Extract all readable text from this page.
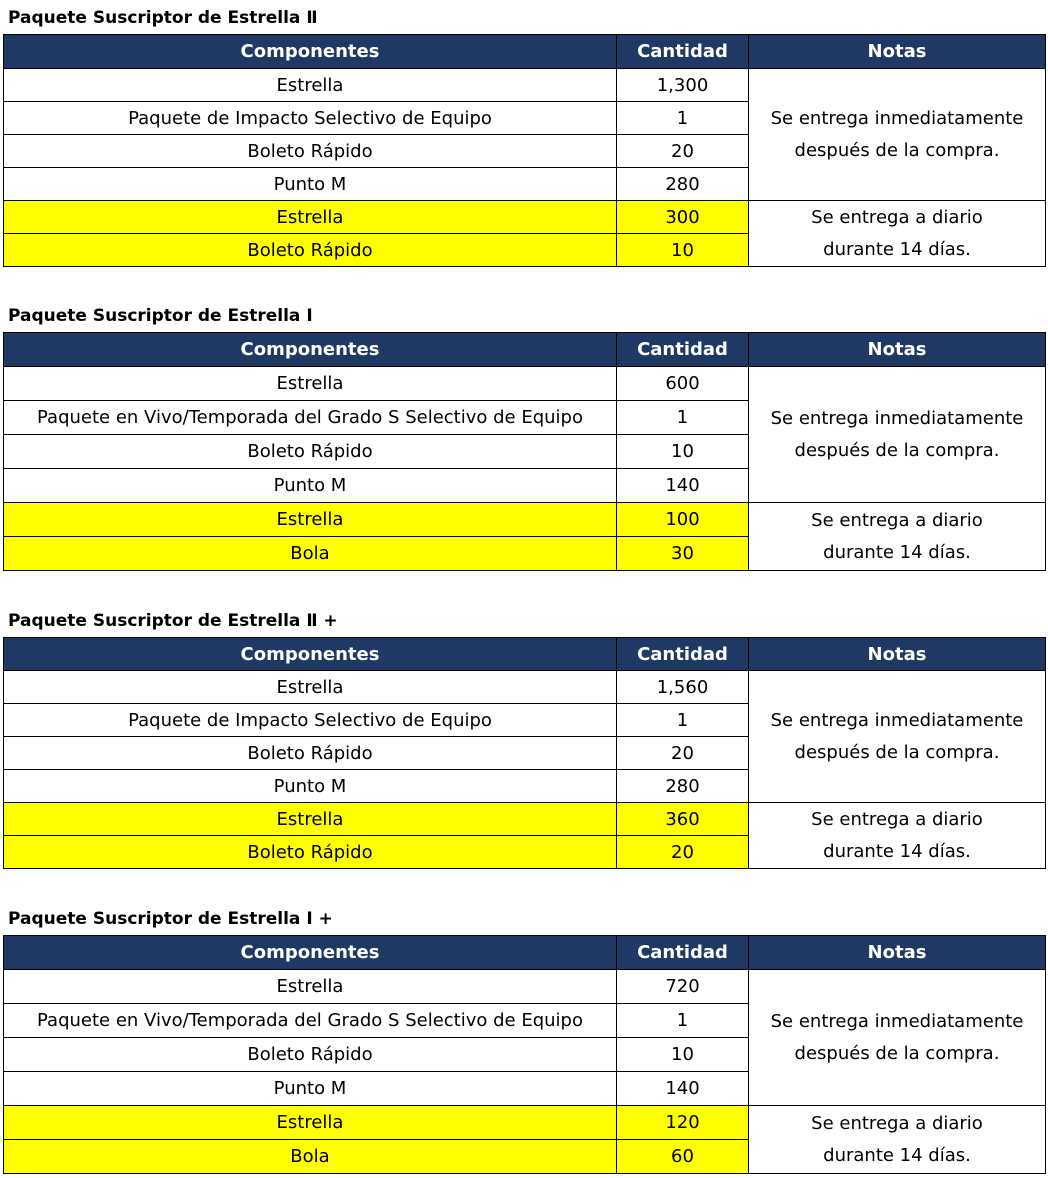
Paquete Suscriptor de Estrella Ⅱ
Componentes	Cantidad	Notas
Estrella	1,300	Se entrega inmediatamente
después de la compra.

Paquete de Impacto Selectivo de Equipo	1	
Boleto Rápido	20	
Punto M	280	
Estrella	300	Se entrega a diario
durante 14 días.

Boleto Rápido	10	
Paquete Suscriptor de Estrella Ⅰ
Componentes	Cantidad	Notas
Estrella	600	Se entrega inmediatamente
después de la compra.

Paquete en Vivo/Temporada del Grado S Selectivo de Equipo	1	
Boleto Rápido	10	
Punto M	140	
Estrella	100	Se entrega a diario
durante 14 días.

Bola	30	
Paquete Suscriptor de Estrella Ⅱ +
Componentes	Cantidad	Notas
Estrella	1,560	Se entrega inmediatamente
después de la compra.

Paquete de Impacto Selectivo de Equipo	1	
Boleto Rápido	20	
Punto M	280	
Estrella	360	Se entrega a diario
durante 14 días.

Boleto Rápido	20	
Paquete Suscriptor de Estrella Ⅰ +
Componentes	Cantidad	Notas
Estrella	720	Se entrega inmediatamente
después de la compra.

Paquete en Vivo/Temporada del Grado S Selectivo de Equipo	1	
Boleto Rápido	10	
Punto M	140	
Estrella	120	Se entrega a diario
durante 14 días.

Bola	60	
